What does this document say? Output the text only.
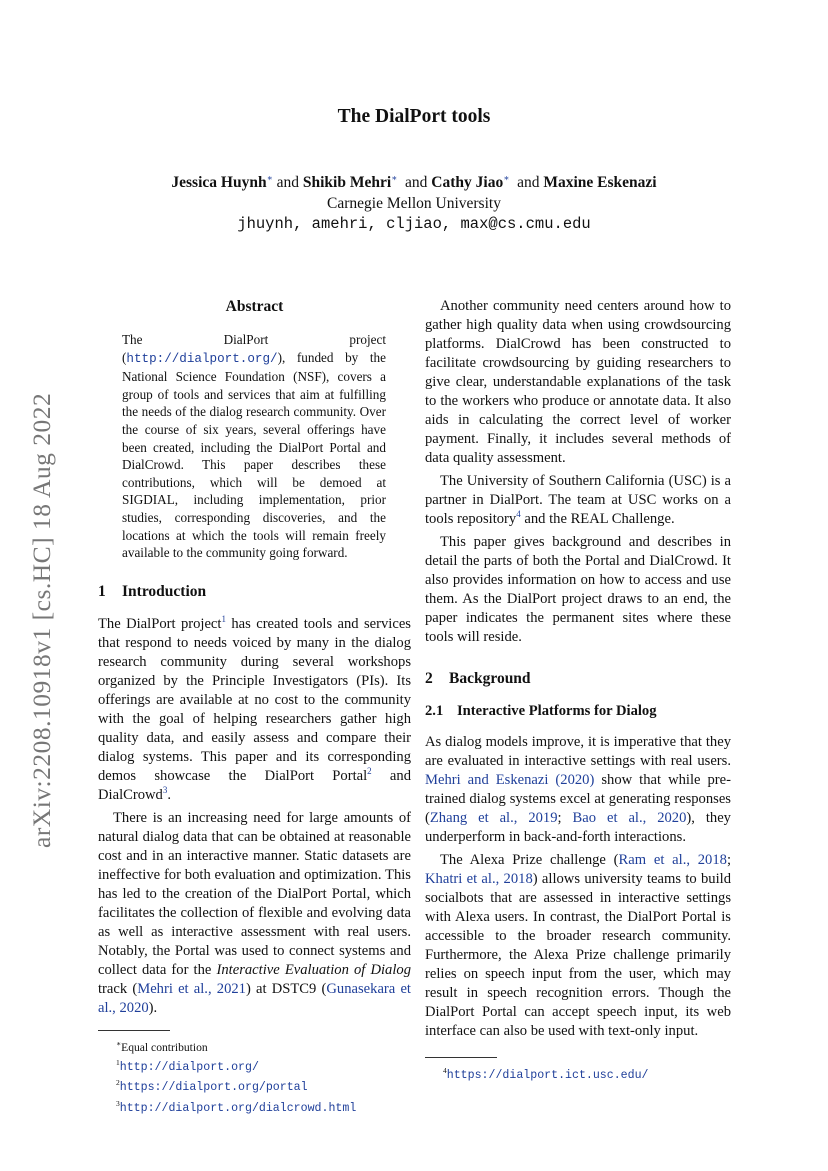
arXiv:2208.10918v1 [cs.HC] 18 Aug 2022
The DialPort tools
Jessica Huynh∗ and Shikib Mehri∗ and Cathy Jiao∗ and Maxine Eskenazi
Carnegie Mellon University
jhuynh, amehri, cljiao, max@cs.cmu.edu
Abstract

The DialPort project (http://dialport.org/), funded by the National Science Foundation (NSF), covers a group of tools and services that aim at fulfilling the needs of the dialog research community. Over the course of six years, several offerings have been created, including the DialPort Portal and DialCrowd. This paper describes these contributions, which will be demoed at SIGDIAL, including implementation, prior studies, corresponding discoveries, and the locations at which the tools will remain freely available to the community going forward.

1 Introduction

The DialPort project$^1$ has created tools and services that respond to needs voiced by many in the dialog research community during several workshops organized by the Principle Investigators (PIs). Its offerings are available at no cost to the community with the goal of helping researchers gather high quality data, and easily assess and compare their dialog systems. This paper and its corresponding demos showcase the DialPort Portal$^2$ and DialCrowd$^3$.

There is an increasing need for large amounts of natural dialog data that can be obtained at reasonable cost and in an interactive manner. Static datasets are ineffective for both evaluation and optimization. This has led to the creation of the DialPort Portal, which facilitates the collection of flexible and evolving data as well as interactive assessment with real users. Notably, the Portal was used to connect systems and collect data for the Interactive Evaluation of Dialog track (Mehri et al., 2021) at DSTC9 (Gunasekara et al., 2020).

∗Equal contribution
$^1$http://dialport.org/
$^2$https://dialport.org/portal
$^3$http://dialport.org/dialcrowd.html

Another community need centers around how to gather high quality data when using crowdsourcing platforms. DialCrowd has been constructed to facilitate crowdsourcing by guiding researchers to give clear, understandable explanations of the task to the workers who produce or annotate data. It also aids in calculating the correct level of worker payment. Finally, it includes several methods of data quality assessment.

The University of Southern California (USC) is a partner in DialPort. The team at USC works on a tools repository$^4$ and the REAL Challenge.

This paper gives background and describes in detail the parts of both the Portal and DialCrowd. It also provides information on how to access and use them. As the DialPort project draws to an end, the paper indicates the permanent sites where these tools will reside.

2 Background
2.1 Interactive Platforms for Dialog

As dialog models improve, it is imperative that they are evaluated in interactive settings with real users. Mehri and Eskenazi (2020) show that while pre-trained dialog systems excel at generating responses (Zhang et al., 2019; Bao et al., 2020), they underperform in back-and-forth interactions.

The Alexa Prize challenge (Ram et al., 2018; Khatri et al., 2018) allows university teams to build socialbots that are assessed in interactive settings with Alexa users. In contrast, the DialPort Portal is accessible to the broader research community. Furthermore, the Alexa Prize challenge primarily relies on speech input from the user, which may result in speech recognition errors. Though the DialPort Portal can accept speech input, its web interface can also be used with text-only input.

$^4$https://dialport.ict.usc.edu/
